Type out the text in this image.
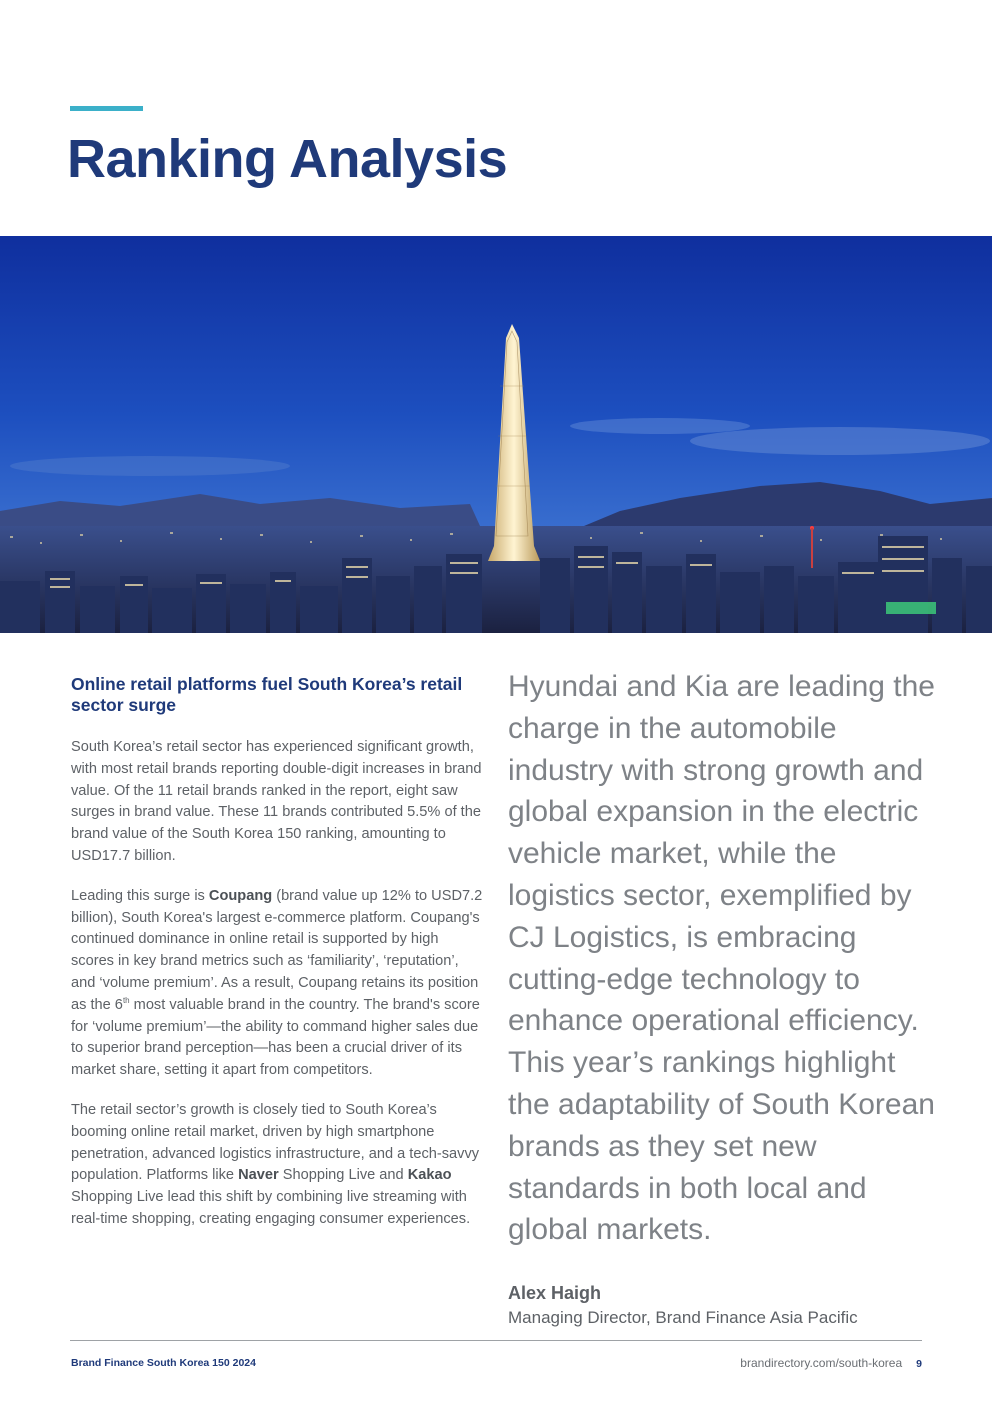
Ranking Analysis
Online retail platforms fuel South Korea’s retail sector surge

South Korea’s retail sector has experienced significant growth, with most retail brands reporting double-digit increases in brand value. Of the 11 retail brands ranked in the report, eight saw surges in brand value. These 11 brands contributed 5.5% of the brand value of the South Korea 150 ranking, amounting to USD17.7 billion.

Leading this surge is Coupang (brand value up 12% to USD7.2 billion), South Korea's largest e-commerce platform. Coupang's continued dominance in online retail is supported by high scores in key brand metrics such as ‘familiarity’, ‘reputation’, and ‘volume premium’. As a result, Coupang retains its position as the 6th most valuable brand in the country. The brand's score for ‘volume premium’—the ability to command higher sales due to superior brand perception—has been a crucial driver of its market share, setting it apart from competitors.

The retail sector’s growth is closely tied to South Korea’s booming online retail market, driven by high smartphone penetration, advanced logistics infrastructure, and a tech-savvy population. Platforms like Naver Shopping Live and Kakao Shopping Live lead this shift by combining live streaming with real-time shopping, creating engaging consumer experiences.

Hyundai and Kia are leading the charge in the automobile industry with strong growth and global expansion in the electric vehicle market, while the logistics sector, exemplified by CJ Logistics, is embracing cutting-edge technology to enhance operational efficiency. This year’s rankings highlight the adaptability of South Korean brands as they set new standards in both local and global markets.

Alex Haigh

Managing Director, Brand Finance Asia Pacific

Brand Finance South Korea 150 2024	brandirectory.com/south-korea 9
